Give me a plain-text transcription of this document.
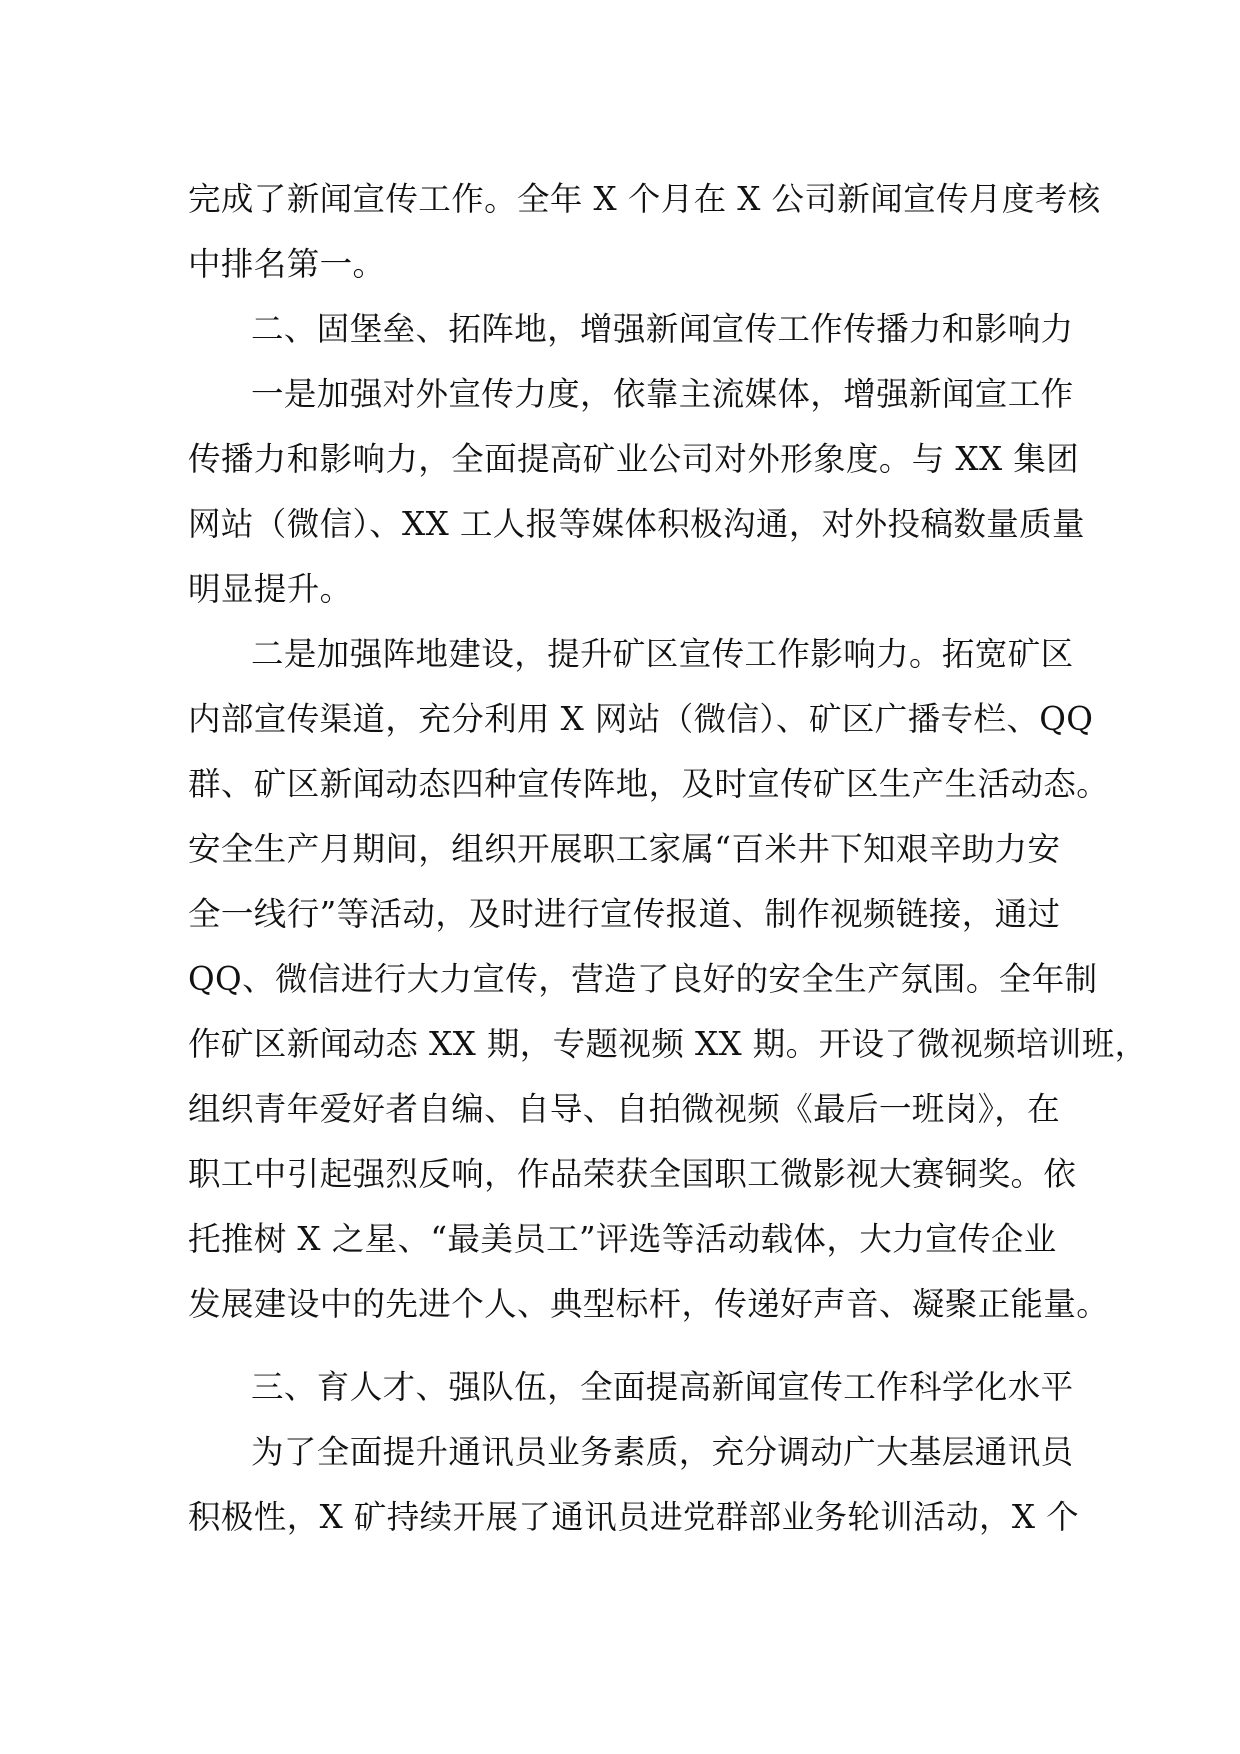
完成了新闻宣传工作。全年 X 个月在 X 公司新闻宣传月度考核
中排名第一。
二、固堡垒、拓阵地，增强新闻宣传工作传播力和影响力
一是加强对外宣传力度，依靠主流媒体，增强新闻宣工作
传播力和影响力，全面提高矿业公司对外形象度。与 XX 集团
网站（微信）、XX 工人报等媒体积极沟通，对外投稿数量质量
明显提升。
二是加强阵地建设，提升矿区宣传工作影响力。拓宽矿区
内部宣传渠道，充分利用 X 网站（微信）、矿区广播专栏、QQ
群、矿区新闻动态四种宣传阵地，及时宣传矿区生产生活动态。
安全生产月期间，组织开展职工家属“百米井下知艰辛助力安
全一线行”等活动，及时进行宣传报道、制作视频链接，通过
QQ、微信进行大力宣传，营造了良好的安全生产氛围。全年制
作矿区新闻动态 XX 期，专题视频 XX 期。开设了微视频培训班，
组织青年爱好者自编、自导、自拍微视频《最后一班岗》，在
职工中引起强烈反响，作品荣获全国职工微影视大赛铜奖。依
托推树 X 之星、“最美员工”评选等活动载体，大力宣传企业
发展建设中的先进个人、典型标杆，传递好声音、凝聚正能量。
三、育人才、强队伍，全面提高新闻宣传工作科学化水平
为了全面提升通讯员业务素质，充分调动广大基层通讯员
积极性，X 矿持续开展了通讯员进党群部业务轮训活动，X 个
